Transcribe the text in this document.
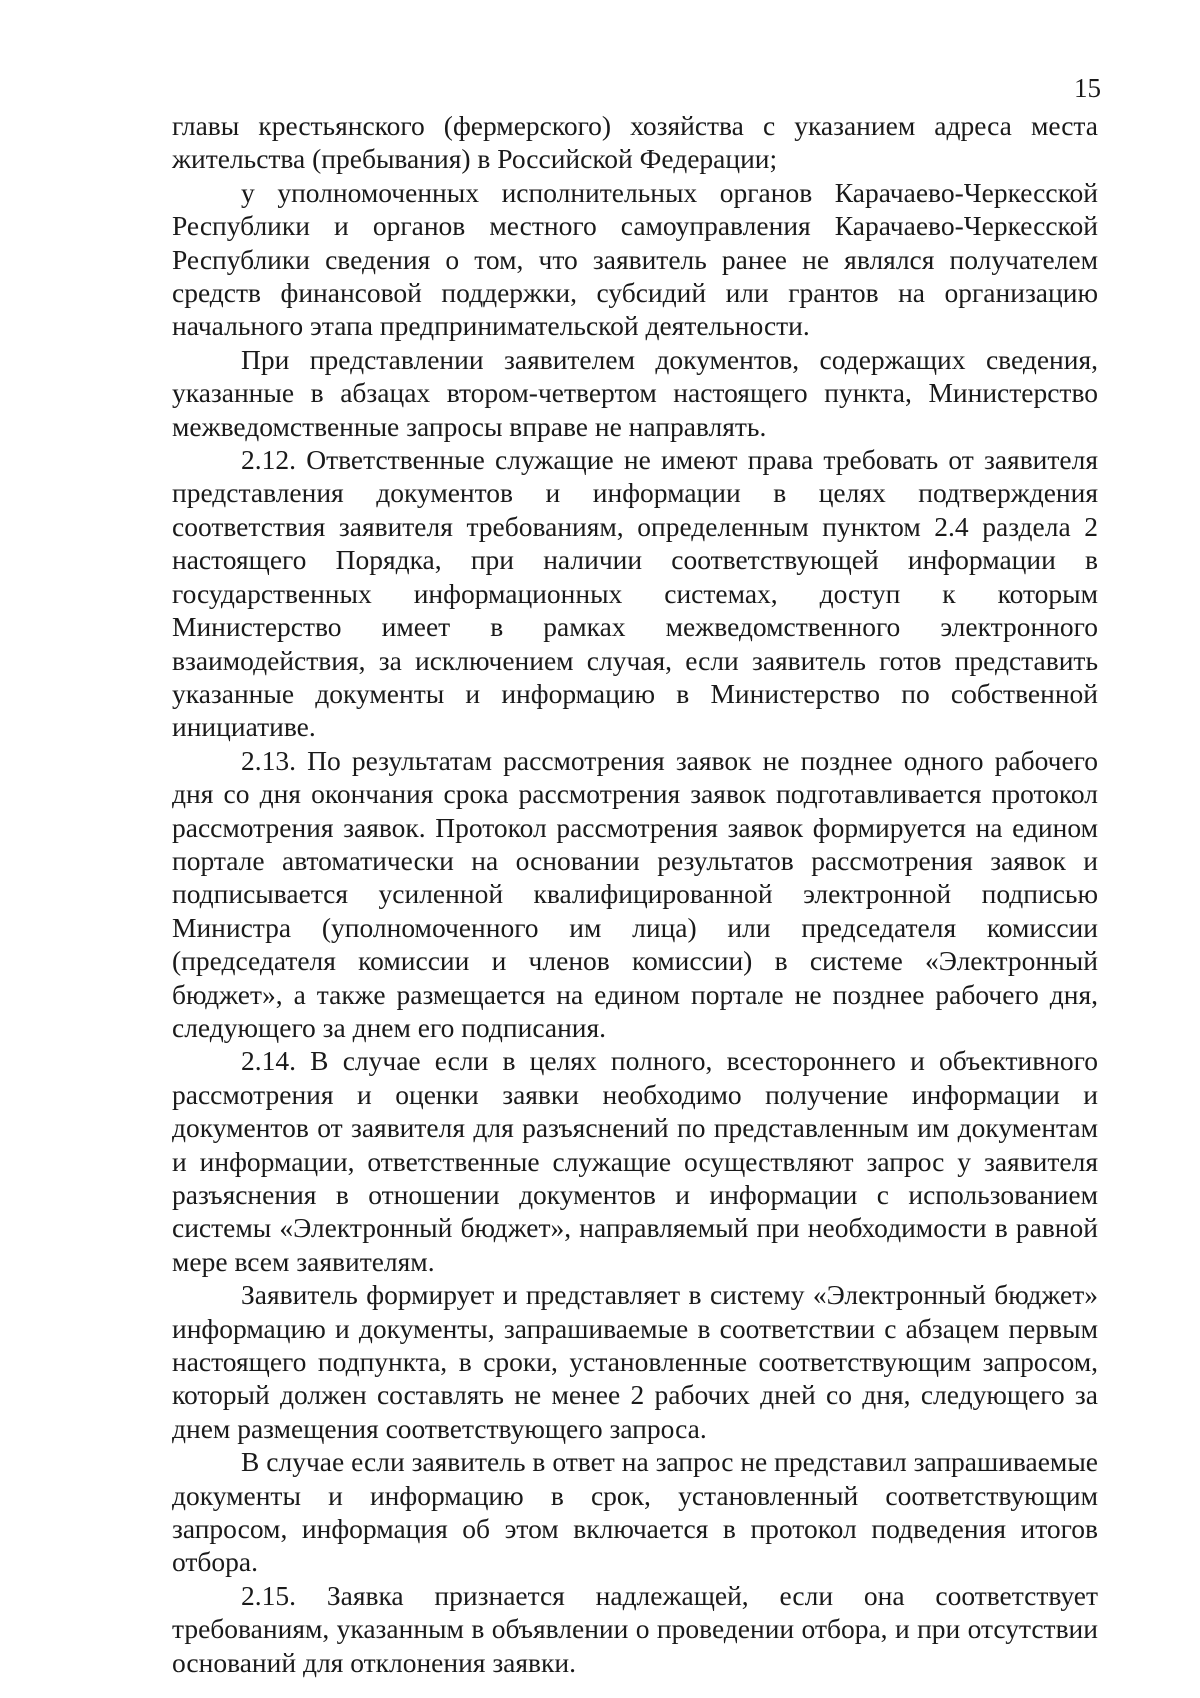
15

главы крестьянского (фермерского) хозяйства с указанием адреса места жительства (пребывания) в Российской Федерации;

у уполномоченных исполнительных органов Карачаево-Черкесской Республики и органов местного самоуправления Карачаево-Черкесской Республики сведения о том, что заявитель ранее не являлся получателем средств финансовой поддержки, субсидий или грантов на организацию начального этапа предпринимательской деятельности.

При представлении заявителем документов, содержащих сведения, указанные в абзацах втором-четвертом настоящего пункта, Министерство межведомственные запросы вправе не направлять.

2.12. Ответственные служащие не имеют права требовать от заявителя представления документов и информации в целях подтверждения соответствия заявителя требованиям, определенным пунктом 2.4 раздела 2 настоящего Порядка, при наличии соответствующей информации в государственных информационных системах, доступ к которым Министерство имеет в рамках межведомственного электронного взаимодействия, за исключением случая, если заявитель готов представить указанные документы и информацию в Министерство по собственной инициативе.

2.13. По результатам рассмотрения заявок не позднее одного рабочего дня со дня окончания срока рассмотрения заявок подготавливается протокол рассмотрения заявок. Протокол рассмотрения заявок формируется на едином портале автоматически на основании результатов рассмотрения заявок и подписывается усиленной квалифицированной электронной подписью Министра (уполномоченного им лица) или председателя комиссии (председателя комиссии и членов комиссии) в системе «Электронный бюджет», а также размещается на едином портале не позднее рабочего дня, следующего за днем его подписания.

2.14. В случае если в целях полного, всестороннего и объективного рассмотрения и оценки заявки необходимо получение информации и документов от заявителя для разъяснений по представленным им документам и информации, ответственные служащие осуществляют запрос у заявителя разъяснения в отношении документов и информации с использованием системы «Электронный бюджет», направляемый при необходимости в равной мере всем заявителям.

Заявитель формирует и представляет в систему «Электронный бюджет» информацию и документы, запрашиваемые в соответствии с абзацем первым настоящего подпункта, в сроки, установленные соответствующим запросом, который должен составлять не менее 2 рабочих дней со дня, следующего за днем размещения соответствующего запроса.

В случае если заявитель в ответ на запрос не представил запрашиваемые документы и информацию в срок, установленный соответствующим запросом, информация об этом включается в протокол подведения итогов отбора.

2.15. Заявка признается надлежащей, если она соответствует требованиям, указанным в объявлении о проведении отбора, и при отсутствии оснований для отклонения заявки.
